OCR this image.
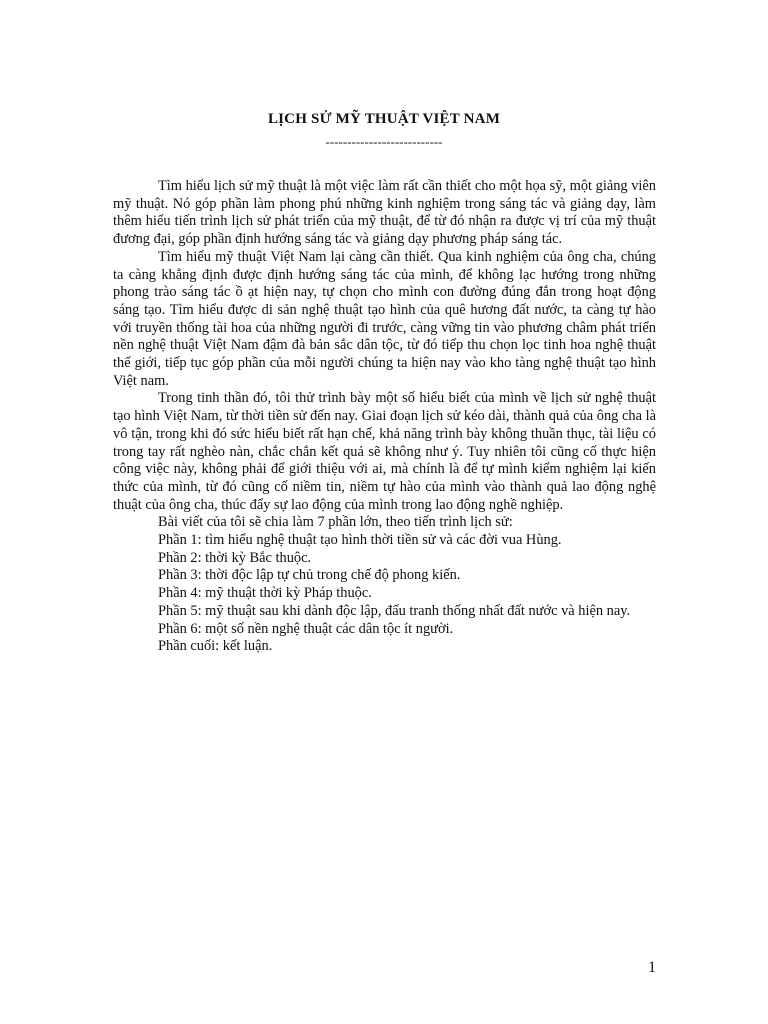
LỊCH SỬ MỸ THUẬT VIỆT NAM
---------------------------

Tìm hiểu lịch sử mỹ thuật là một việc làm rất cần thiết cho một họa sỹ, một giảng viên mỹ thuật. Nó góp phần làm phong phú những kinh nghiệm trong sáng tác và giảng dạy, làm thêm hiểu tiến trình lịch sử phát triển của mỹ thuật, để từ đó nhận ra được vị trí của mỹ thuật đương đại, góp phần định hướng sáng tác và giảng dạy phương pháp sáng tác.

Tìm hiểu mỹ thuật Việt Nam lại càng cần thiết. Qua kinh nghiệm của ông cha, chúng ta càng khẳng định được định hướng sáng tác của mình, để không lạc hướng trong những phong trào sáng tác ồ ạt hiện nay, tự chọn cho mình con đường đúng đắn trong hoạt động sáng tạo. Tìm hiểu được di sản nghệ thuật tạo hình của quê hương đất nước, ta càng tự hào với truyền thống tài hoa của những người đi trước, càng vững tin vào phương châm phát triển nền nghệ thuật Việt Nam đậm đà bản sắc dân tộc, từ đó tiếp thu chọn lọc tinh hoa nghệ thuật thế giới, tiếp tục góp phần của mỗi người chúng ta hiện nay vào kho tàng nghệ thuật tạo hình Việt nam.

Trong tinh thần đó, tôi thử trình bày một số hiểu biết của mình về lịch sử nghệ thuật tạo hình Việt Nam, từ thời tiền sử đến nay. Giai đoạn lịch sử kéo dài, thành quả của ông cha là vô tận, trong khi đó sức hiểu biết rất hạn chế, khả năng trình bày không thuần thục, tài liệu có trong tay rất nghèo nàn, chắc chắn kết quả sẽ không như ý. Tuy nhiên tôi cũng cố thực hiện công việc này, không phải để giới thiệu với ai, mà chính là để tự mình kiểm nghiệm lại kiến thức của mình, từ đó cũng cố niềm tin, niềm tự hào của mình vào thành quả lao động nghệ thuật của ông cha, thúc đẩy sự lao động của mình trong lao động nghề nghiệp.

Bài viết của tôi sẽ chia làm 7 phần lớn, theo tiến trình lịch sử:
Phần 1: tìm hiểu nghệ thuật tạo hình thời tiền sử và các đời vua Hùng.
Phần 2: thời kỳ Bắc thuộc.
Phần 3: thời độc lập tự chủ trong chế độ phong kiến.
Phần 4: mỹ thuật thời kỳ Pháp thuộc.
Phần 5: mỹ thuật sau khi dành độc lập, đấu tranh thống nhất đất nước và hiện nay.
Phần 6: một số nền nghệ thuật các dân tộc ít người.
Phần cuối: kết luận.
1
